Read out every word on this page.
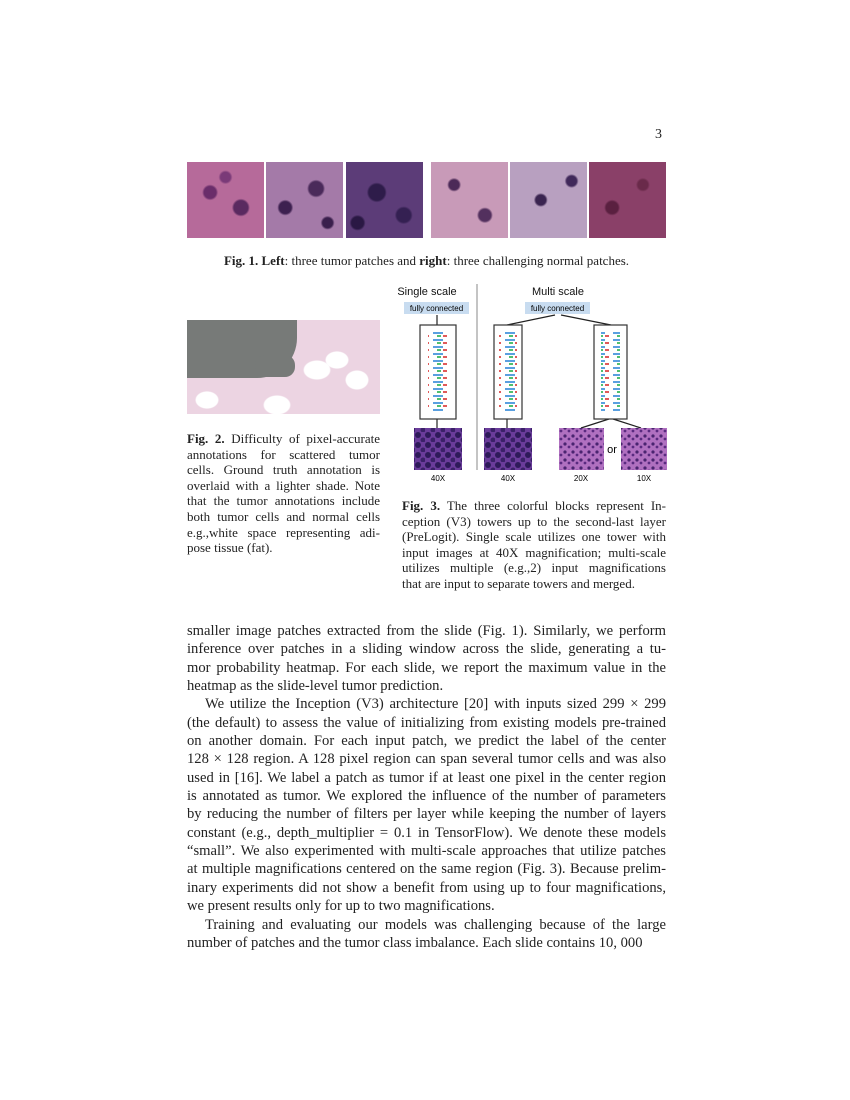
3
Fig. 1. Left: three tumor patches and right: three challenging normal patches.
Fig. 2. Difficulty of pixel-accurate
annotations for scattered tumor
cells. Ground truth annotation is
overlaid with a lighter shade. Note
that the tumor annotations include
both tumor cells and normal cells
e.g.,white space representing adi-
pose tissue (fat).
Single scale	Multi scale
fully connected	fully connected
or
40X	40X	20X	10X
Fig. 3. The three colorful blocks represent In-
ception (V3) towers up to the second-last layer
(PreLogit). Single scale utilizes one tower with
input images at 40X magnification; multi-scale
utilizes multiple (e.g.,2) input magnifications
that are input to separate towers and merged.
smaller image patches extracted from the slide (Fig. 1). Similarly, we perform
inference over patches in a sliding window across the slide, generating a tu-
mor probability heatmap. For each slide, we report the maximum value in the
heatmap as the slide-level tumor prediction.
We utilize the Inception (V3) architecture [20] with inputs sized 299 × 299
(the default) to assess the value of initializing from existing models pre-trained
on another domain. For each input patch, we predict the label of the center
128 × 128 region. A 128 pixel region can span several tumor cells and was also
used in [16]. We label a patch as tumor if at least one pixel in the center region
is annotated as tumor. We explored the influence of the number of parameters
by reducing the number of filters per layer while keeping the number of layers
constant (e.g., depth_multiplier = 0.1 in TensorFlow). We denote these models
“small”. We also experimented with multi-scale approaches that utilize patches
at multiple magnifications centered on the same region (Fig. 3). Because prelim-
inary experiments did not show a benefit from using up to four magnifications,
we present results only for up to two magnifications.
Training and evaluating our models was challenging because of the large
number of patches and the tumor class imbalance. Each slide contains 10, 000
